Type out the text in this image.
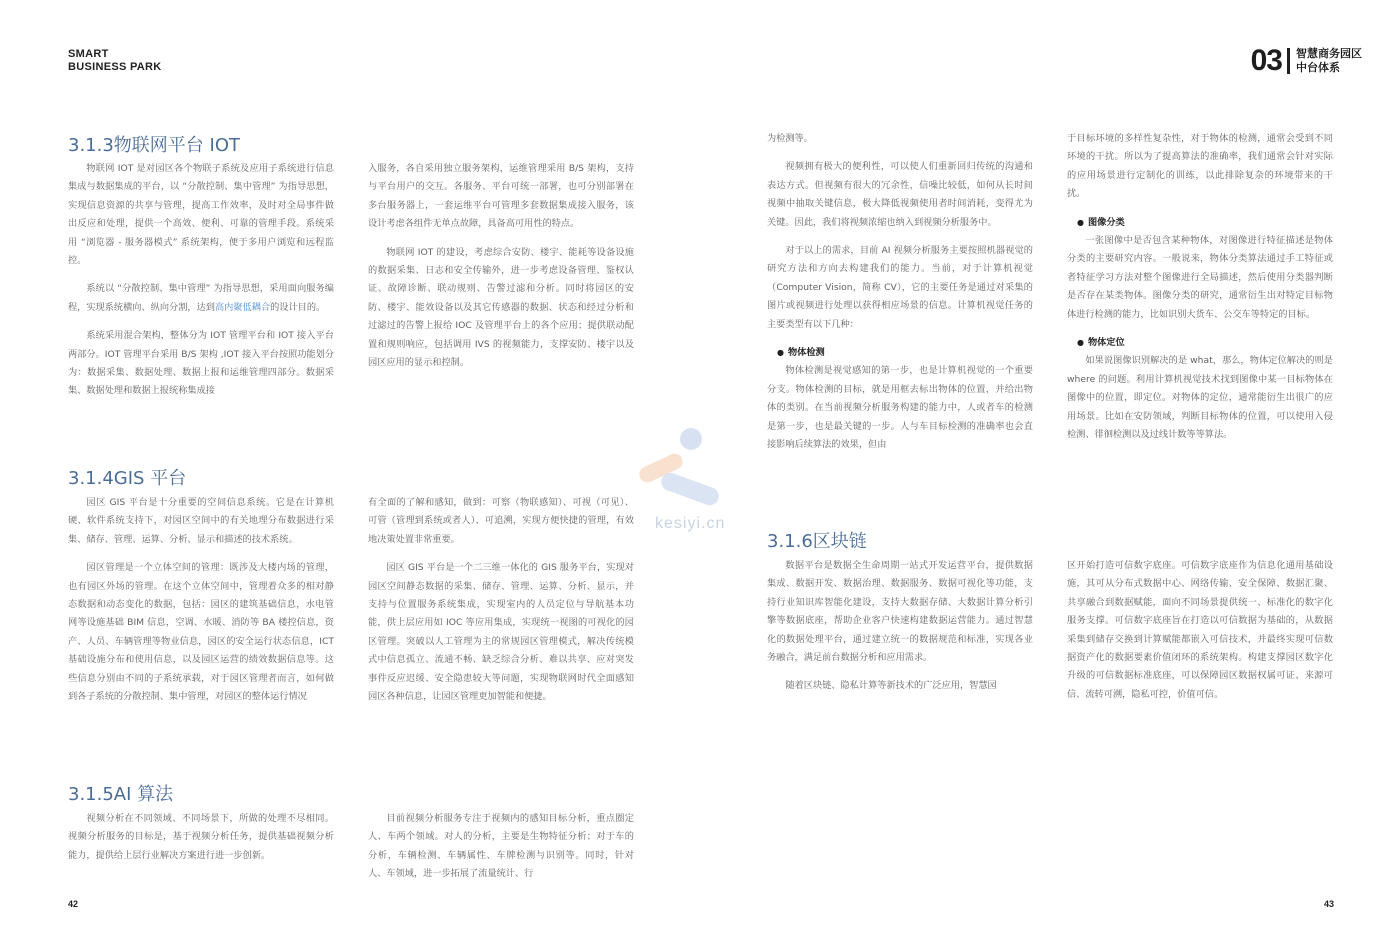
SMART
BUSINESS PARK	03 智慧商务园区
中台体系
kesiyi.cn
3.1.3物联网平台 IOT

物联网 IOT 是对园区各个物联子系统及应用子系统进行信息集成与数据集成的平台，以 “分散控制、集中管理” 为指导思想，实现信息资源的共享与管理，提高工作效率，及时对全局事件做出反应和处理，提供一个高效、便利、可靠的管理手段。系统采用 “浏览器 - 服务器模式” 系统架构，便于多用户浏览和远程监控。

系统以 “分散控制、集中管理” 为指导思想，采用面向服务编程，实现系统横向、纵向分割，达到高内聚低耦合的设计目的。

系统采用混合架构，整体分为 IOT 管理平台和 IOT 接入平台两部分。IOT 管理平台采用 B/S 架构 ,IOT 接入平台按照功能划分为：数据采集、数据处理、数据上报和运维管理四部分。数据采集、数据处理和数据上报统称集成接

入服务，各自采用独立服务架构，运维管理采用 B/S 架构，支持与平台用户的交互。各服务、平台可统一部署，也可分别部署在多台服务器上，一套运维平台可管理多套数据集成接入服务，该设计考虑各组件无单点故障，具备高可用性的特点。

物联网 IOT 的建设，考虑综合安防、楼宇、能耗等设备设施的数据采集、日志和安全传输外，进一步考虑设备管理、鉴权认证、故障诊断、联动规则、告警过滤和分析。同时将园区的安防、楼宇、能效设备以及其它传感器的数据、状态和经过分析和过滤过的告警上报给 IOC 及管理平台上的各个应用；提供联动配置和规则响应，包括调用 IVS 的视频能力，支撑安防、楼宇以及园区应用的显示和控制。

3.1.4GIS 平台

园区 GIS 平台是十分重要的空间信息系统。它是在计算机硬、软件系统支持下，对园区空间中的有关地理分布数据进行采集、储存、管理、运算、分析、显示和描述的技术系统。

园区管理是一个立体空间的管理：既涉及大楼内场的管理，也有园区外场的管理。在这个立体空间中，管理着众多的相对静态数据和动态变化的数据，包括：园区的建筑基础信息，水电管网等设施基础 BIM 信息，空调、水暖、消防等 BA 楼控信息，资产、人员、车辆管理等物业信息，园区的安全运行状态信息，ICT 基础设施分布和使用信息，以及园区运营的绩效数据信息等。这些信息分别由不同的子系统承载，对于园区管理者而言，如何做到各子系统的分散控制、集中管理，对园区的整体运行情况

有全面的了解和感知，做到：可察（物联感知）、可视（可见）、可管（管理到系统或者人）、可追溯，实现方便快捷的管理，有效地决策处置非常重要。

园区 GIS 平台是一个二三维一体化的 GIS 服务平台，实现对园区空间静态数据的采集、储存、管理、运算、分析、显示，并支持与位置服务系统集成，实现室内的人员定位与导航基本功能，供上层应用如 IOC 等应用集成，实现统一视图的可视化的园区管理。突破以人工管理为主的常规园区管理模式，解决传统模式中信息孤立、流通不畅、缺乏综合分析、难以共享、应对突发事件反应迟缓、安全隐患较大等问题，实现物联网时代全面感知园区各种信息，让园区管理更加智能和便捷。

3.1.5AI 算法

视频分析在不同领域、不同场景下，所做的处理不尽相同。视频分析服务的目标是，基于视频分析任务，提供基础视频分析能力，提供给上层行业解决方案进行进一步创新。

目前视频分析服务专注于视频内的感知目标分析，重点圈定人、车两个领域。对人的分析，主要是生物特征分析；对于车的分析，车辆检测、车辆属性、车牌检测与识别等。同时，针对人、车领域，进一步拓展了流量统计、行

为检测等。

视频拥有极大的便利性，可以使人们重新回归传统的沟通和表达方式。但视频有很大的冗余性，信噪比较低，如何从长时间视频中抽取关键信息，极大降低视频使用者时间消耗，变得尤为关键。因此，我们将视频浓缩也纳入到视频分析服务中。

对于以上的需求，目前 AI 视频分析服务主要按照机器视觉的研究方法和方向去构建我们的能力。当前，对于计算机视觉（Computer Vision，简称 CV），它的主要任务是通过对采集的图片或视频进行处理以获得相应场景的信息。计算机视觉任务的主要类型有以下几种：

● 物体检测

物体检测是视觉感知的第一步，也是计算机视觉的一个重要分支。物体检测的目标，就是用框去标出物体的位置，并给出物体的类别。在当前视频分析服务构建的能力中，人或者车的检测是第一步，也是最关键的一步。人与车目标检测的准确率也会直接影响后续算法的效果，但由

于目标环境的多样性复杂性，对于物体的检测，通常会受到不同环境的干扰。所以为了提高算法的准确率，我们通常会针对实际的应用场景进行定制化的训练，以此排除复杂的环境带来的干扰。

● 图像分类

一张图像中是否包含某种物体，对图像进行特征描述是物体分类的主要研究内容。一般说来，物体分类算法通过手工特征或者特征学习方法对整个图像进行全局描述，然后使用分类器判断是否存在某类物体。图像分类的研究，通常衍生出对特定目标物体进行检测的能力，比如识别大货车、公交车等特定的目标。

● 物体定位

如果说图像识别解决的是 what，那么，物体定位解决的则是 where 的问题。利用计算机视觉技术找到图像中某一目标物体在图像中的位置，即定位。对物体的定位，通常能衍生出很广的应用场景。比如在安防领域，判断目标物体的位置，可以使用入侵检测、徘徊检测以及过线计数等等算法。

3.1.6区块链

数据平台是数据全生命周期一站式开发运营平台，提供数据集成、数据开发、数据治理、数据服务、数据可视化等功能，支持行业知识库智能化建设，支持大数据存储、大数据计算分析引擎等数据底座，帮助企业客户快速构建数据运营能力。通过智慧化的数据处理平台，通过建立统一的数据规范和标准，实现各业务融合，满足前台数据分析和应用需求。

随着区块链、隐私计算等新技术的广泛应用，智慧园

区开始打造可信数字底座。可信数字底座作为信息化通用基础设施，其可从分布式数据中心、网络传输、安全保障、数据汇聚、共享融合到数据赋能，面向不同场景提供统一、标准化的数字化服务支撑。可信数字底座旨在打造以可信数据为基础的，从数据采集到储存交换到计算赋能都嵌入可信技术，并最终实现可信数据资产化的数据要素价值闭环的系统架构。构建支撑园区数字化升级的可信数据标准底座，可以保障园区数据权属可证、来源可信、流转可溯，隐私可控，价值可信。

42	43
